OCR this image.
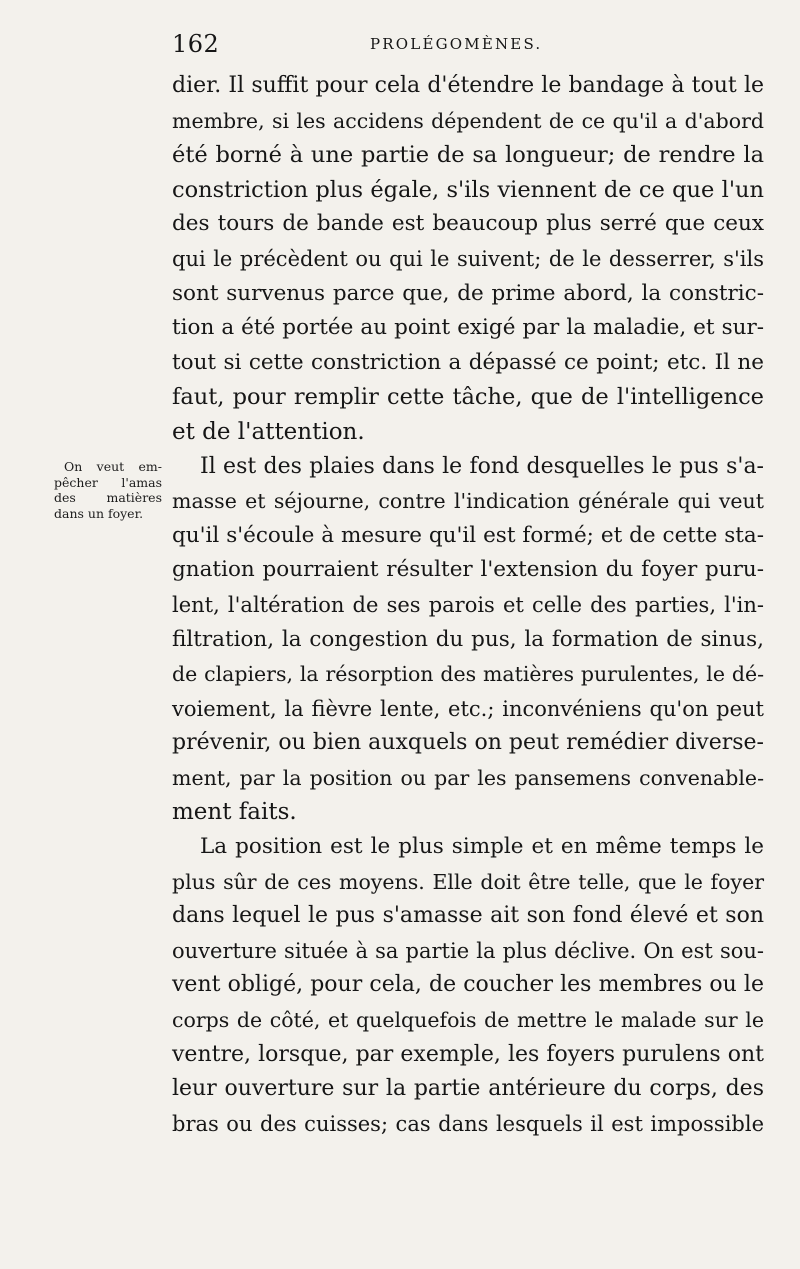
162	PROLÉGOMÈNES.
On veut em-
pêcher l'amas
des matières
dans un foyer.

dier. Il suffit pour cela d'étendre le bandage à tout le
membre, si les accidens dépendent de ce qu'il a d'abord
été borné à une partie de sa longueur; de rendre la
constriction plus égale, s'ils viennent de ce que l'un
des tours de bande est beaucoup plus serré que ceux
qui le précèdent ou qui le suivent; de le desserrer, s'ils
sont survenus parce que, de prime abord, la constric-
tion a été portée au point exigé par la maladie, et sur-
tout si cette constriction a dépassé ce point; etc. Il ne
faut, pour remplir cette tâche, que de l'intelligence
et de l'attention.

Il est des plaies dans le fond desquelles le pus s'a-
masse et séjourne, contre l'indication générale qui veut
qu'il s'écoule à mesure qu'il est formé; et de cette sta-
gnation pourraient résulter l'extension du foyer puru-
lent, l'altération de ses parois et celle des parties, l'in-
filtration, la congestion du pus, la formation de sinus,
de clapiers, la résorption des matières purulentes, le dé-
voiement, la fièvre lente, etc.; inconvéniens qu'on peut
prévenir, ou bien auxquels on peut remédier diverse-
ment, par la position ou par les pansemens convenable-
ment faits.

La position est le plus simple et en même temps le
plus sûr de ces moyens. Elle doit être telle, que le foyer
dans lequel le pus s'amasse ait son fond élevé et son
ouverture située à sa partie la plus déclive. On est sou-
vent obligé, pour cela, de coucher les membres ou le
corps de côté, et quelquefois de mettre le malade sur le
ventre, lorsque, par exemple, les foyers purulens ont
leur ouverture sur la partie antérieure du corps, des
bras ou des cuisses; cas dans lesquels il est impossible
